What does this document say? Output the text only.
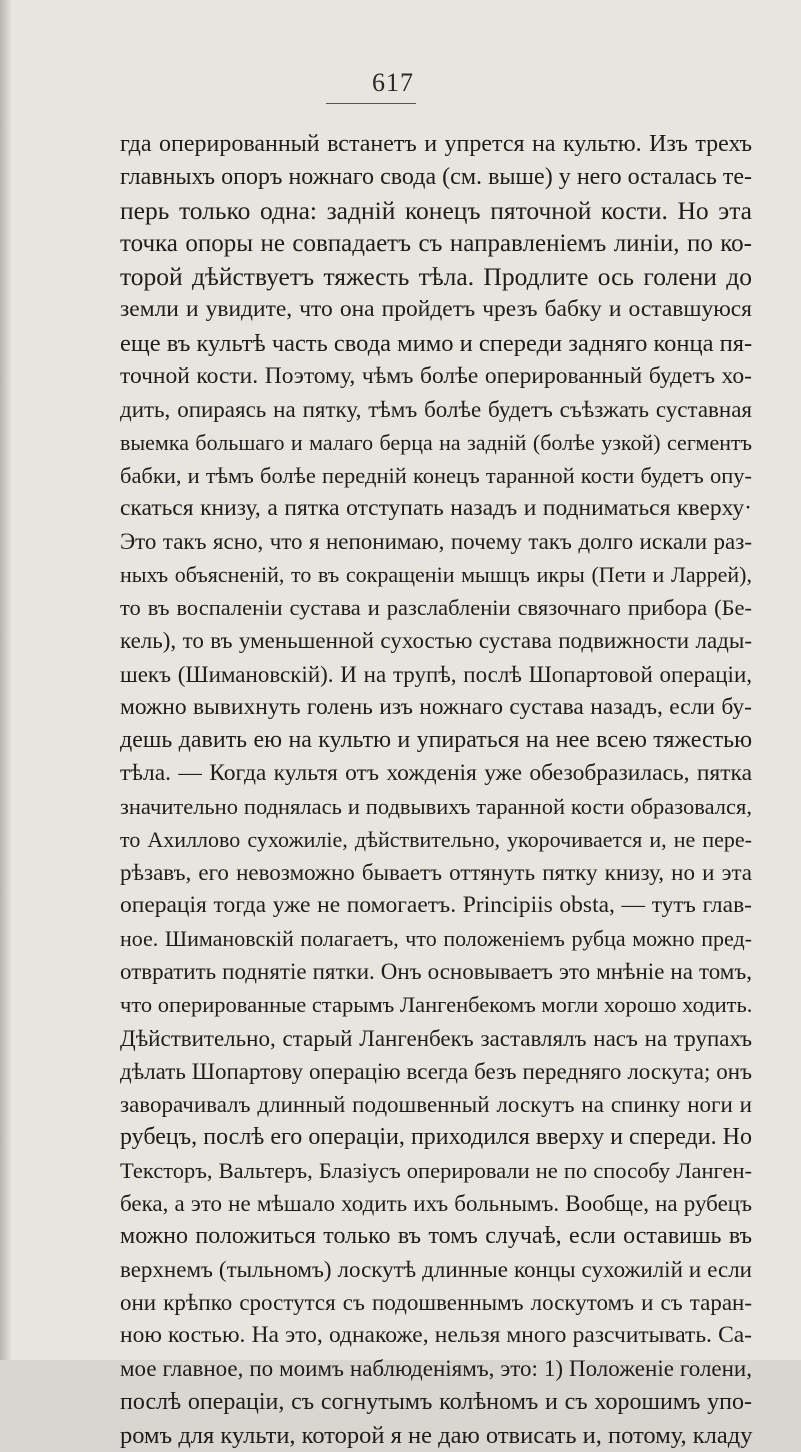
617
гда оперированный встанетъ и упрется на культю. Изъ трехъ
главныхъ опоръ ножнаго свода (см. выше) у него осталась те-
перь только одна: заднiй конецъ пяточной кости. Но эта
точка опоры не совпадаетъ съ направленiемъ линiи, по ко-
торой дѣйствуетъ тяжесть тѣла. Продлите ось голени до
земли и увидите, что она пройдетъ чрезъ бабку и оставшуюся
еще въ культѣ часть свода мимо и спереди задняго конца пя-
точной кости. Поэтому, чѣмъ болѣе оперированный будетъ хо-
дить, опираясь на пятку, тѣмъ болѣе будетъ съѣзжать суставная
выемка большаго и малаго берца на заднiй (болѣе узкой) сегментъ
бабки, и тѣмъ болѣе переднiй конецъ таранной кости будетъ опу-
скаться книзу, а пятка отступать назадъ и подниматься кверху·
Это такъ ясно, что я непонимаю, почему такъ долго искали раз-
ныхъ объясненiй, то въ сокращенiи мышцъ икры (Пети и Ларрей),
то въ воспаленiи сустава и разслабленiи связочнаго прибора (Бе-
кель), то въ уменьшенной сухостью сустава подвижности лады-
шекъ (Шимановскiй). И на трупѣ, послѣ Шопартовой операцiи,
можно вывихнуть голень изъ ножнаго сустава назадъ, если бу-
дешь давить ею на культю и упираться на нее всею тяжестью
тѣла. — Когда культя отъ хожденiя уже обезобразилась, пятка
значительно поднялась и подвывихъ таранной кости образовался,
то Ахиллово сухожилiе, дѣйствительно, укорочивается и, не пере-
рѣзавъ, его невозможно бываетъ оттянуть пятку книзу, но и эта
операцiя тогда уже не помогаетъ. Principiis obsta, — тутъ глав-
ное. Шимановскiй полагаетъ, что положенiемъ рубца можно пред-
отвратить поднятiе пятки. Онъ основываетъ это мнѣнiе на томъ,
что оперированные старымъ Лангенбекомъ могли хорошо ходить.
Дѣйствительно, старый Лангенбекъ заставлялъ насъ на трупахъ
дѣлать Шопартову операцiю всегда безъ передняго лоскута; онъ
заворачивалъ длинный подошвенный лоскутъ на спинку ноги и
рубецъ, послѣ его операцiи, приходился вверху и спереди. Но
Текстоpъ, Вальтеръ, Блазiусъ оперировали не по способу Ланген-
бека, а это не мѣшало ходить ихъ больнымъ. Вообще, на рубецъ
можно положиться только въ томъ случаѣ, если оставишь въ
верхнемъ (тыльномъ) лоскутѣ длинные концы сухожилiй и если
они крѣпко сростутся съ подошвеннымъ лоскутомъ и съ таран-
ною костью. На это, однакоже, нельзя много разсчитывать. Са-
мое главное, по моимъ наблюденiямъ, это: 1) Положенiе голени,
послѣ операцiи, съ согнутымъ колѣномъ и съ хорошимъ упо-
ромъ для культи, которой я не даю отвисать и, потому, кладу
